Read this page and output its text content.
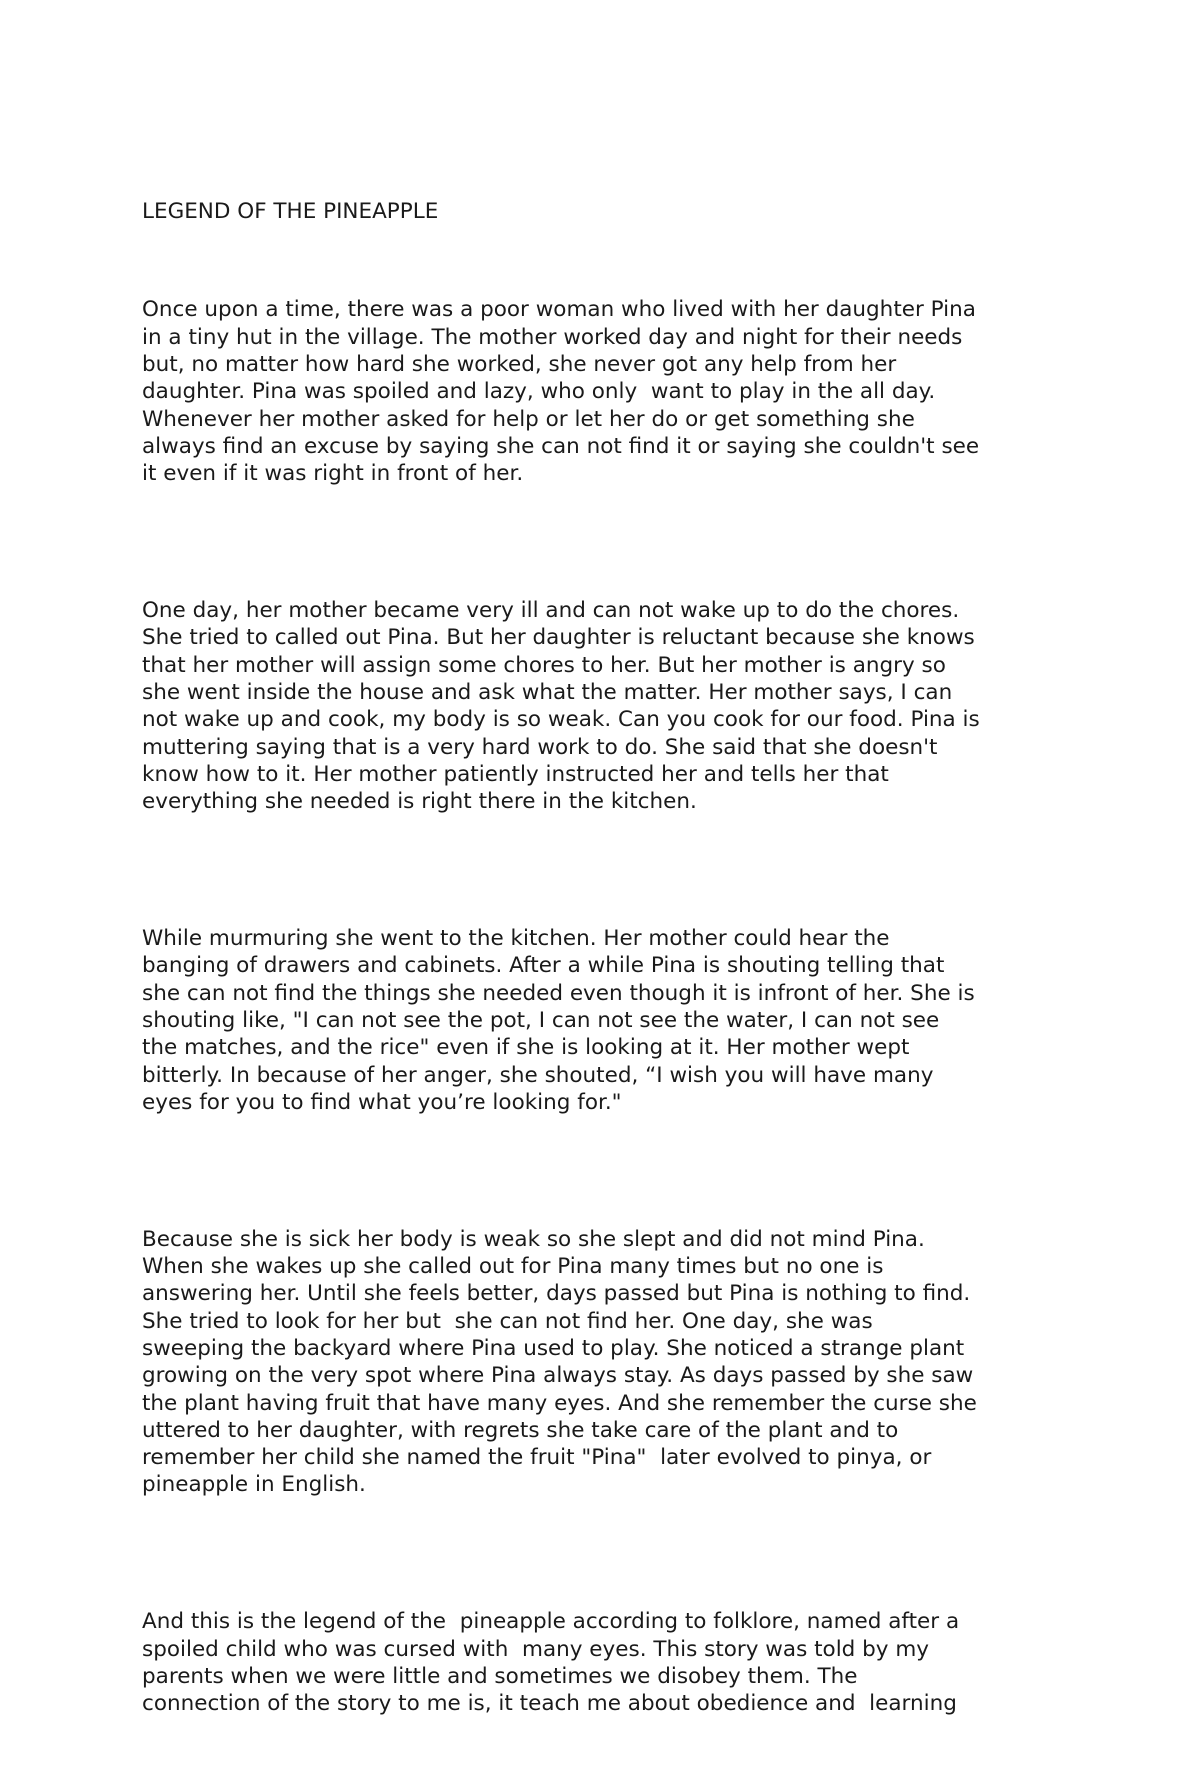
LEGEND OF THE PINEAPPLE

Once upon a time, there was a poor woman who lived with her daughter Pina
in a tiny hut in the village. The mother worked day and night for their needs
but, no matter how hard she worked, she never got any help from her
daughter. Pina was spoiled and lazy, who only  want to play in the all day.
Whenever her mother asked for help or let her do or get something she
always find an excuse by saying she can not find it or saying she couldn't see
it even if it was right in front of her.

One day, her mother became very ill and can not wake up to do the chores.
She tried to called out Pina. But her daughter is reluctant because she knows
that her mother will assign some chores to her. But her mother is angry so
she went inside the house and ask what the matter. Her mother says, I can
not wake up and cook, my body is so weak. Can you cook for our food. Pina is
muttering saying that is a very hard work to do. She said that she doesn't
know how to it. Her mother patiently instructed her and tells her that
everything she needed is right there in the kitchen.

While murmuring she went to the kitchen. Her mother could hear the
banging of drawers and cabinets. After a while Pina is shouting telling that
she can not find the things she needed even though it is infront of her. She is
shouting like, "I can not see the pot, I can not see the water, I can not see
the matches, and the rice" even if she is looking at it. Her mother wept
bitterly. In because of her anger, she shouted, “I wish you will have many
eyes for you to find what you’re looking for."

Because she is sick her body is weak so she slept and did not mind Pina.
When she wakes up she called out for Pina many times but no one is
answering her. Until she feels better, days passed but Pina is nothing to find.
She tried to look for her but  she can not find her. One day, she was
sweeping the backyard where Pina used to play. She noticed a strange plant
growing on the very spot where Pina always stay. As days passed by she saw
the plant having fruit that have many eyes. And she remember the curse she
uttered to her daughter, with regrets she take care of the plant and to
remember her child she named the fruit "Pina"  later evolved to pinya, or
pineapple in English.

And this is the legend of the  pineapple according to folklore, named after a
spoiled child who was cursed with  many eyes. This story was told by my
parents when we were little and sometimes we disobey them. The
connection of the story to me is, it teach me about obedience and  learning
